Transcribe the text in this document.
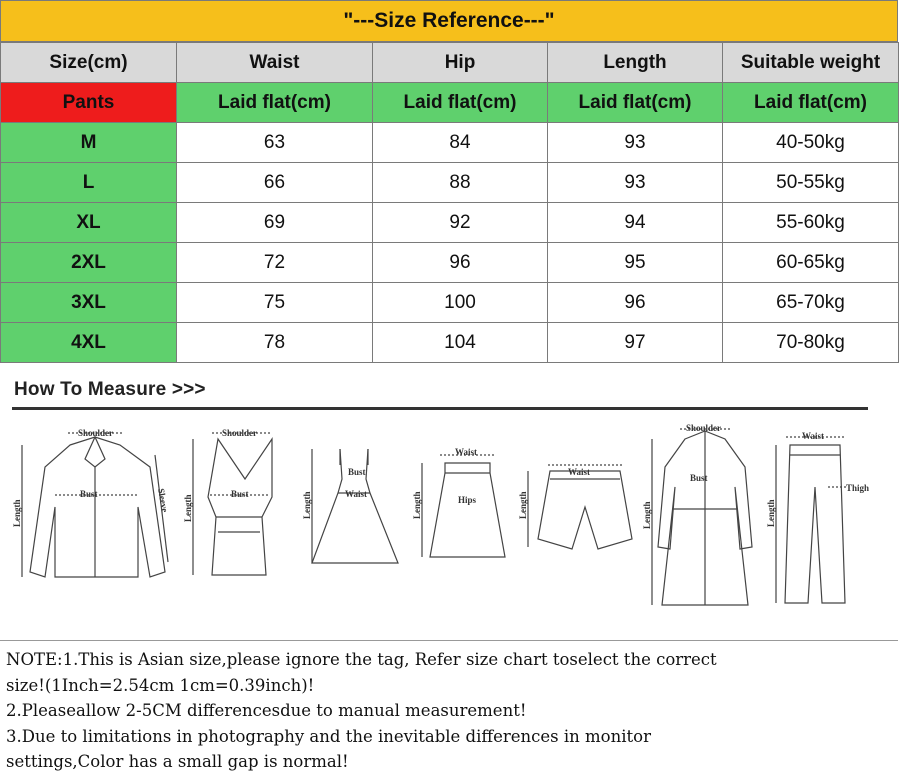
"---Size Reference---"
Size(cm)	Waist	Hip	Length	Suitable weight
Pants	Laid flat(cm)	Laid flat(cm)	Laid flat(cm)	Laid flat(cm)
M	63	84	93	40-50kg
L	66	88	93	50-55kg
XL	69	92	94	55-60kg
2XL	72	96	95	60-65kg
3XL	75	100	96	65-70kg
4XL	78	104	97	70-80kg
How To Measure >>>
Shoulder
Bust
Length	Sleeve
Shoulder
Bust
Length
Bust
Waist
Length
Waist
Hips
Length
Waist
Length
Shoulder
Bust
Length
Waist
Thigh
Length
NOTE:1.This is Asian size,please ignore the tag, Refer size chart toselect the correct
size!(1Inch=2.54cm 1cm=0.39inch)!
2.Pleaseallow 2-5CM differencesdue to manual measurement!
3.Due to limitations in photography and the inevitable differences in monitor
settings,Color has a small gap is normal!
